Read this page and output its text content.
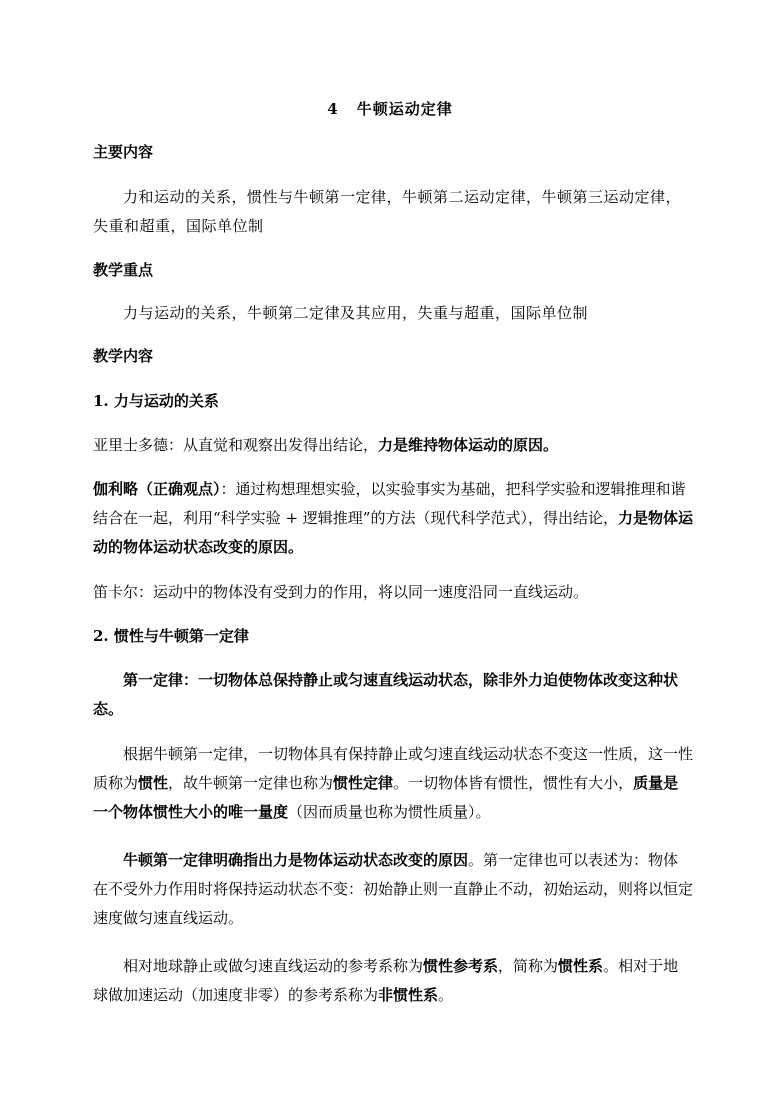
4 牛顿运动定律

主要内容

力和运动的关系，惯性与牛顿第一定律，牛顿第二运动定律，牛顿第三运动定律，失重和超重，国际单位制

教学重点

力与运动的关系，牛顿第二定律及其应用，失重与超重，国际单位制

教学内容

1. 力与运动的关系

亚里士多德：从直觉和观察出发得出结论，力是维持物体运动的原因。

伽利略（正确观点）：通过构想理想实验，以实验事实为基础，把科学实验和逻辑推理和谐结合在一起，利用“科学实验 + 逻辑推理”的方法（现代科学范式），得出结论，力是物体运动的物体运动状态改变的原因。

笛卡尔：运动中的物体没有受到力的作用，将以同一速度沿同一直线运动。

2. 惯性与牛顿第一定律

第一定律：一切物体总保持静止或匀速直线运动状态，除非外力迫使物体改变这种状态。

根据牛顿第一定律，一切物体具有保持静止或匀速直线运动状态不变这一性质，这一性质称为惯性，故牛顿第一定律也称为惯性定律。一切物体皆有惯性，惯性有大小，质量是一个物体惯性大小的唯一量度（因而质量也称为惯性质量）。

牛顿第一定律明确指出力是物体运动状态改变的原因。第一定律也可以表述为：物体在不受外力作用时将保持运动状态不变：初始静止则一直静止不动，初始运动，则将以恒定速度做匀速直线运动。

相对地球静止或做匀速直线运动的参考系称为惯性参考系，简称为惯性系。相对于地球做加速运动（加速度非零）的参考系称为非惯性系。
